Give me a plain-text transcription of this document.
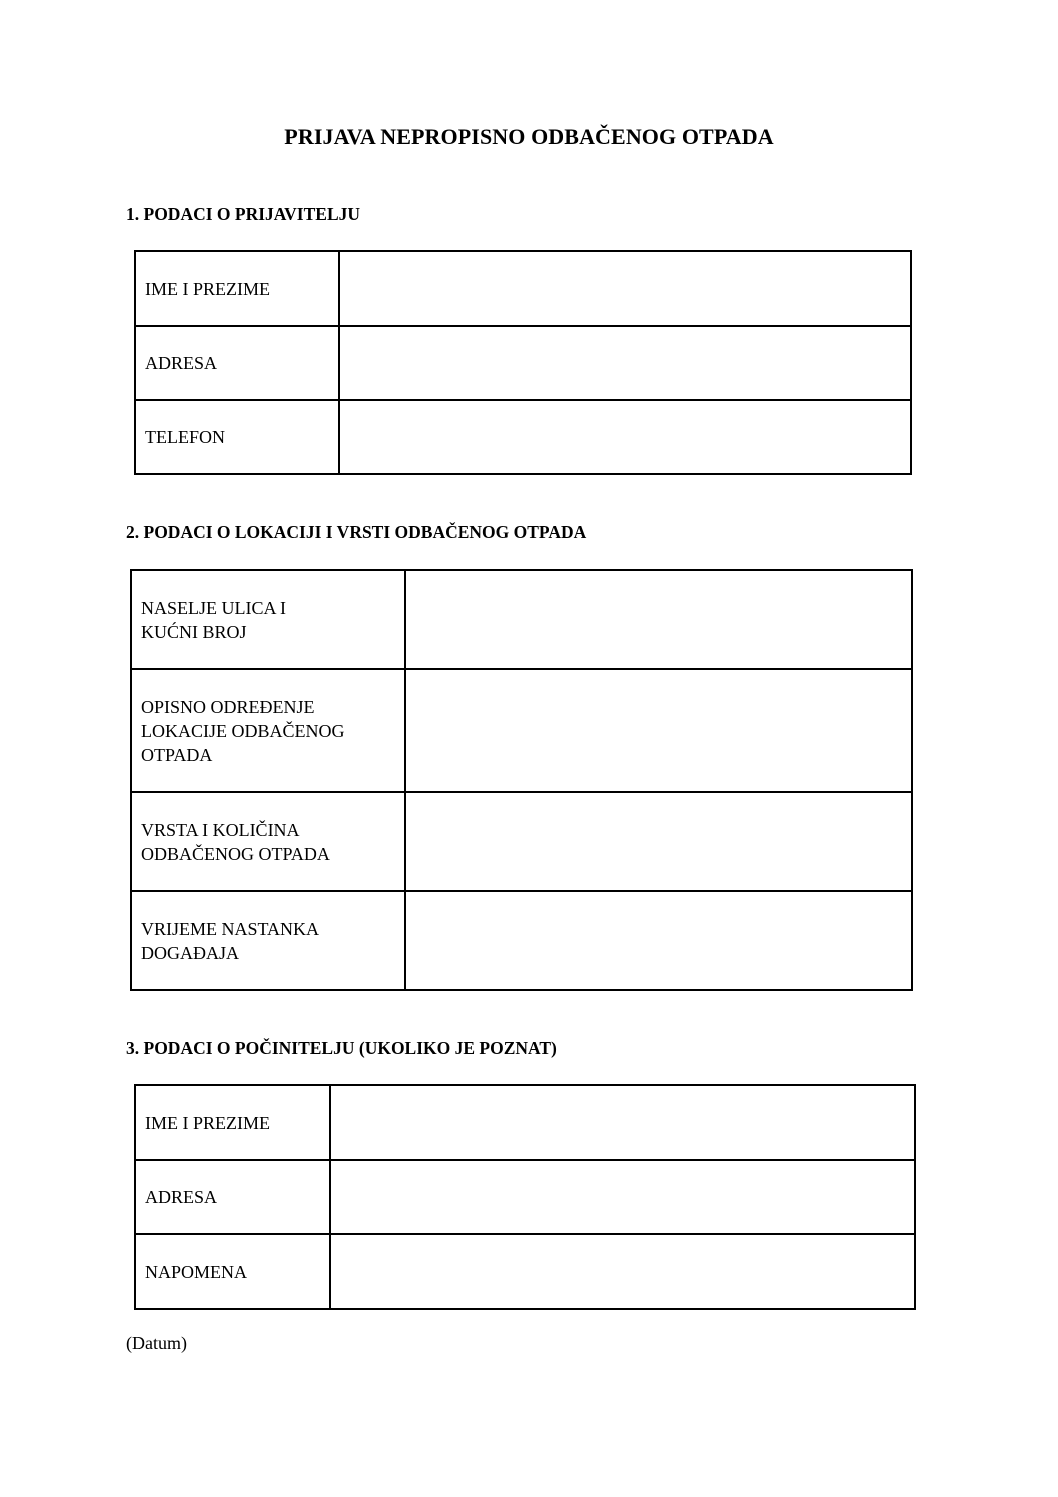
PRIJAVA NEPROPISNO ODBAČENOG OTPADA
1. PODACI O PRIJAVITELJU
IME I PREZIME	

ADRESA	

TELEFON	

2. PODACI O LOKACIJI I VRSTI ODBAČENOG OTPADA
NASELJE ULICA I
KUĆNI BROJ	

OPISNO ODREĐENJE
LOKACIJE ODBAČENOG
OTPADA	

VRSTA I KOLIČINA
ODBAČENOG OTPADA	

VRIJEME NASTANKA
DOGAĐAJA	

3. PODACI O POČINITELJU (UKOLIKO JE POZNAT)
IME I PREZIME	

ADRESA	

NAPOMENA	

(Datum)
